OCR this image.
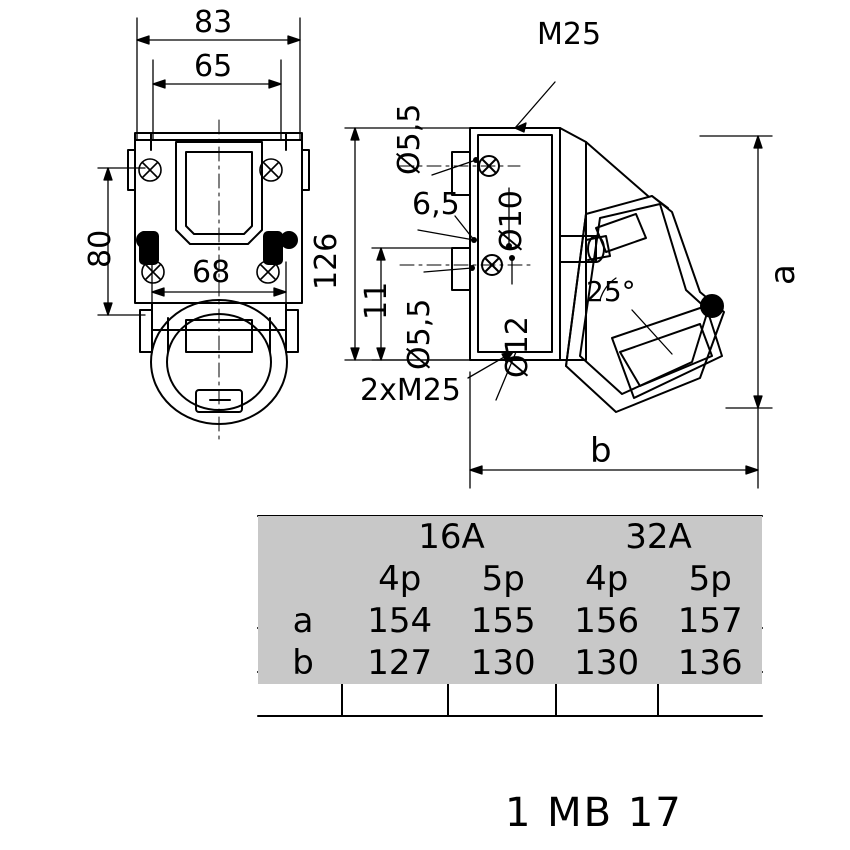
83
65
80
68	126
M25
Ø5,5
6,5 Ø10
11 Ø5,5 Ø12
25°
2xM25
a
b
	16A		32A	
	4p	5p	4p	5p
a	154	155	156	157
b	127	130	130	136
1 MB 17
